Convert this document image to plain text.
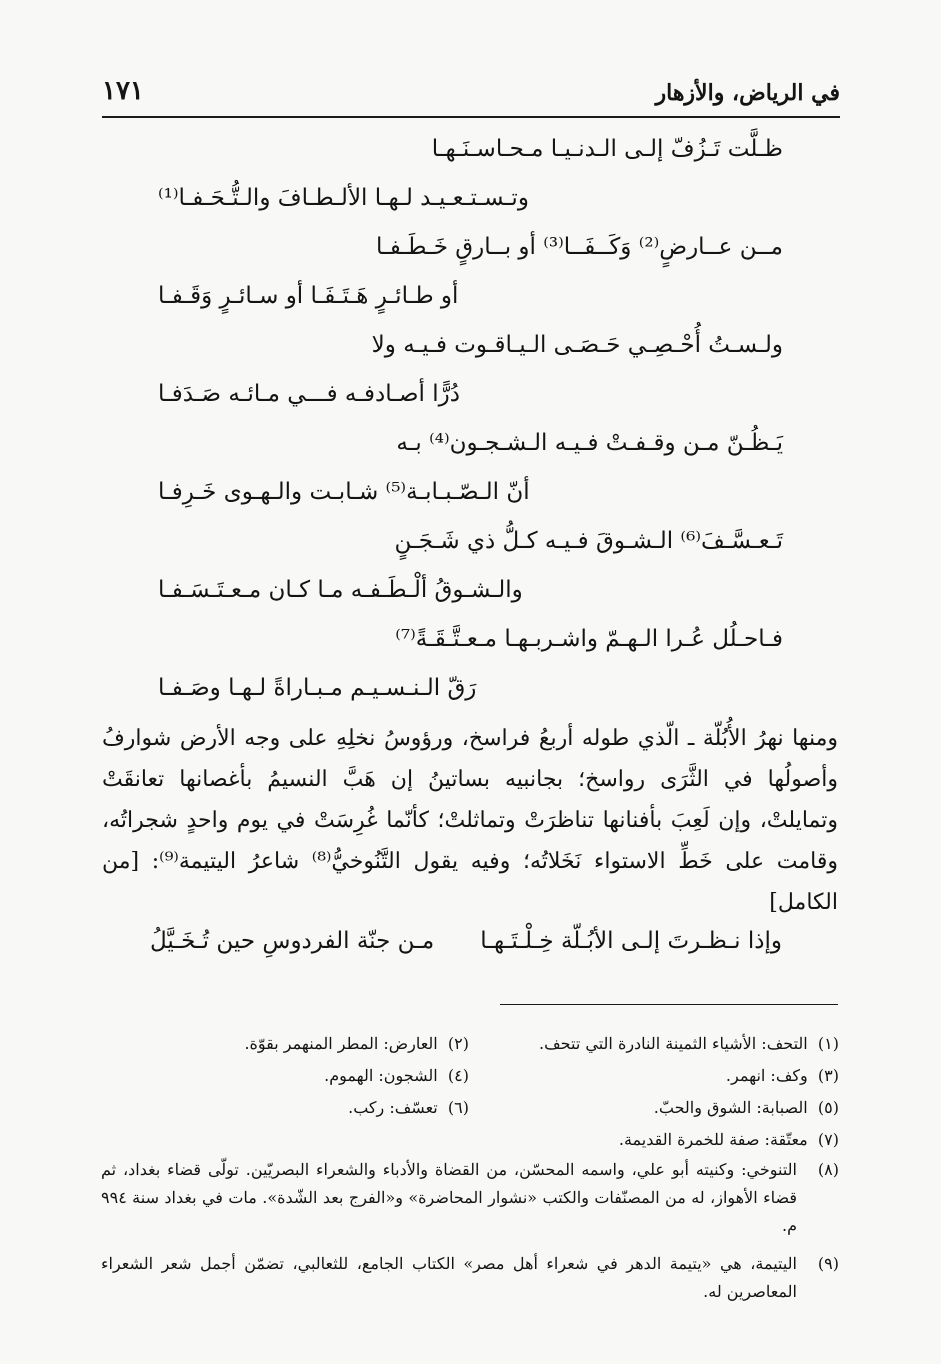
في الرياض، والأزهار
١٧١
ظـلَّت تَـزُفّ إلـى الـدنـيـا مـحـاسـنَـهـا
وتـسـتـعـيـد لـهـا الألـطـافَ والـتُّـحَـفـا⁽¹⁾
مــن عــارضٍ⁽²⁾ وَكَــفَــا⁽³⁾ أو بــارقٍ خَـطَـفـا
أو طـائـرٍ هَـتَـفَـا أو سـائـرٍ وَقَـفـا
ولـسـتُ أُحْـصِـي حَـصَـى الـيـاقـوت فـيـه ولا
دُرًّا أصـادفـه فـــي مـائـه صَـدَفـا
يَـظُـنّ مـن وقـفـتْ فـيـه الـشـجـون⁽⁴⁾ بـه
أنّ الـصّـبـابـة⁽⁵⁾ شـابـت والـهـوى خَـرِفـا
تَـعـسَّـفَ⁽⁶⁾ الـشـوقَ فـيـه كـلُّ ذي شَـجَـنٍ
والـشـوقُ ألْـطَـفـه مـا كـان مـعـتَـسَـفـا
فـاحـلُل عُـرا الـهـمّ واشـربـهـا مـعـتَّـقَـةً⁽⁷⁾
رَقّ الـنـسـيـم مـبـاراةً لـهـا وصَـفـا
ومنها نهرُ الأُبُلّة ـ الّذي طوله أربعُ فراسخ، ورؤوسُ نخلِهِ على وجه الأرض شوارفُ وأصولُها في الثَّرَى رواسخ؛ بجانبيه بساتينُ إن هَبَّ النسيمُ بأغصانها تعانقَتْ وتمايلتْ، وإن لَعِبَ بأفنانها تناظرَتْ وتماثلتْ؛ كأنّما غُرِسَتْ في يوم واحدٍ شجراتُه، وقامت على خَطِّ الاستواء نَخَلاتُه؛ وفيه يقول التَّنُوخيُّ⁽⁸⁾ شاعرُ اليتيمة⁽⁹⁾: [من الكامل]
وإذا نـظـرتَ إلـى الأبُـلّة خِـلْـتَـهـا
مـن جنّة الفردوسِ حين تُـخَـيَّلُ
(١)  التحف: الأشياء الثمينة النادرة التي تتحف.
(٢)  العارض: المطر المنهمر بقوّة.
(٣)  وكف: انهمر.
(٤)  الشجون: الهموم.
(٥)  الصبابة: الشوق والحبّ.
(٦)  تعسّف: ركب.
(٧)  معتّقة: صفة للخمرة القديمة.
(٨)
التنوخي: وكنيته أبو علي، واسمه المحسّن، من القضاة والأدباء والشعراء البصريّين. تولّى قضاء بغداد، ثم قضاء الأهواز، له من المصنّفات والكتب «نشوار المحاضرة» و«الفرج بعد الشّدة». مات في بغداد سنة ٩٩٤ م.
(٩)
اليتيمة، هي «يتيمة الدهر في شعراء أهل مصر» الكتاب الجامع، للثعالبي، تضمّن أجمل شعر الشعراء المعاصرين له.
